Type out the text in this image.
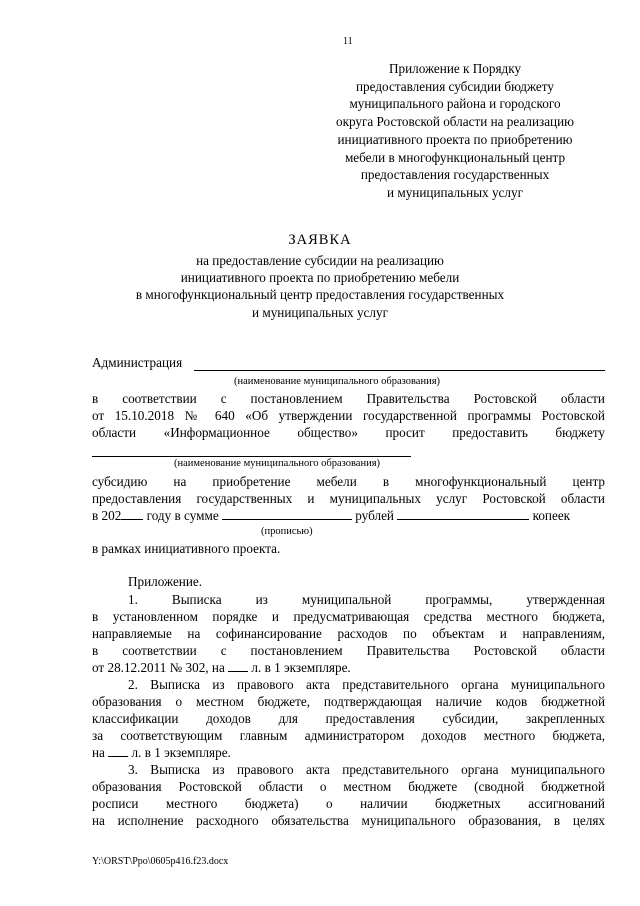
11
Приложение к Порядку
предоставления субсидии бюджету
муниципального района и городского
округа Ростовской области на реализацию
инициативного проекта по приобретению
мебели в многофункциональный центр
предоставления государственных
и муниципальных услуг
ЗАЯВКА
на предоставление субсидии на реализацию
инициативного проекта по приобретению мебели
в многофункциональный центр предоставления государственных
и муниципальных услуг
Администрация
(наименование муниципального образования)
в соответствии с постановлением Правительства Ростовской области
от 15.10.2018 № 640 «Об утверждении государственной программы Ростовской
области «Информационное общество» просит предоставить бюджету
(наименование муниципального образования)
субсидию на приобретение мебели в многофункциональный центр
предоставления государственных и муниципальных услуг Ростовской области
в 202 году в сумме	рублей	копеек
(прописью)
в рамках инициативного проекта.
Приложение.
1. Выписка из муниципальной программы, утвержденная
в установленном порядке и предусматривающая средства местного бюджета,
направляемые на софинансирование расходов по объектам и направлениям,
в соответствии с постановлением Правительства Ростовской области
от 28.12.2011 № 302, на л. в 1 экземпляре.
2. Выписка из правового акта представительного органа муниципального
образования о местном бюджете, подтверждающая наличие кодов бюджетной
классификации доходов для предоставления субсидии, закрепленных
за соответствующим главным администратором доходов местного бюджета,
на л. в 1 экземпляре.
3. Выписка из правового акта представительного органа муниципального
образования Ростовской области о местном бюджете (сводной бюджетной
росписи местного бюджета) о наличии бюджетных ассигнований
на исполнение расходного обязательства муниципального образования, в целях
Y:\ORST\Ppo\0605p416.f23.docx
